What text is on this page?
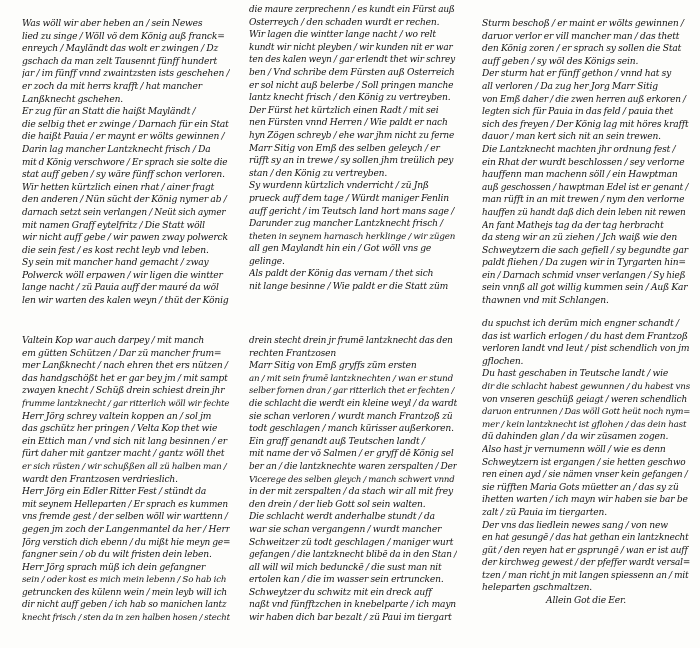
Was wöll wir aber heben an / sein Newes
lied zu singe / Wöll vö dem König auß franck=
enreych / Mayländt das wolt er zwingen / Dz
gschach da man zelt Tausennt fünff hundert
jar / im fünff vnnd zwaintzsten ists geschehen /
er zoch da mit herrs krafft / hat mancher
Lanßknecht gschehen.
Er zug für an Statt die haißt Mayländt /
die selbig thet er zwinge / Darnach für ein Stat
die haißt Pauia / er maynt er wölts gewinnen /
Darin lag mancher Lantzknecht frisch / Da
mit d König verschwore / Er sprach sie solte die
stat auff geben / sy wäre fünff schon verloren.
Wir hetten kürtzlich einen rhat / ainer fragt
den anderen / Nün sücht der König nymer ab /
darnach setzt sein verlangen / Neüt sich aymer
mit namen Graff eytelfritz / Die Statt wöll
wir nicht auff gebe / wir pawen zway polwerck
die sein fest / es kost recht leyb vnd leben.
Sy sein mit mancher hand gemacht / zway
Polwerck wöll erpawen / wir ligen die wintter
lange nacht / zü Pauia auff der mauré da wöl
len wir warten des kalen weyn / thüt der König
die maure zerprechenn / es kundt ein Fürst auß
Osterreych / den schaden wurdt er rechen.
Wir lagen die wintter lange nacht / wo relt
kundt wir nicht pleyben / wir kunden nit er war
ten des kalen weyn / gar erlendt thet wir schrey
ben / Vnd schribe dem Fürsten auß Osterreich
er sol nicht auß belerbe / Soll pringen manche
lantz knecht frisch / den König zu vertreyben.
Der Fürst het kürtzlich einen Radt / mit sei
nen Fürsten vnnd Herren / Wie paldt er nach
hyn Zögen schreyb / ehe war jhm nicht zu ferne
Marr Sitig von Emß des selben geleych / er
rüfft sy an in trewe / sy sollen jhm treülich pey
stan / den König zu vertreyben.
Sy wurdenn kürtzlich vnderricht / zü Jnß
prueck auff dem tage / Würdt maniger Fenlin
auff gericht / im Teutsch land hort mans sage /
Darunder zug mancher Lantzknecht frisch /
theten in seynem harnasch herklinge / wir zügen
all gen Maylandt hin ein / Got wöll vns ge
gelinge.
Als paldt der König das vernam / thet sich
nit lange besinne / Wie paldt er die Statt züm
Sturm beschoß / er maint er wölts gewinnen /
daruor verlor er vill mancher man / das thett
den König zoren / er sprach sy sollen die Stat
auff geben / sy wöl des Königs sein.
Der sturm hat er fünff gethon / vnnd hat sy
all verloren / Da zug her Jorg Marr Sitig
von Emß daher / die zwen herren auß erkoren /
legten sich für Pauia in das feld / pauia thet
sich des freyen / Der König lag mit höres krafft
dauor / man kert sich nit an sein trewen.
Die Lantzknecht machten jhr ordnung fest /
ein Rhat der wurdt beschlossen / sey verlorne
hauffenn man machenn söll / ein Hawptman
auß geschossen / hawptman Edel ist er genant /
man rüfft in an mit trewen / nym den verlorne
hauffen zü handt daß dich dein leben nit rewen
An fant Mathejs tag da der tag herbracht
da steng wir an zü ziehen / Jch waiß wie den
Schweytzern die sach gefiell / sy begundte gar
paldt fliehen / Da zugen wir in Tyrgarten hin=
ein / Darnach schmid vnser verlangen / Sy hieß
sein vnnß all got willig kummen sein / Auß Kar
thawnen vnd mit Schlangen.
Valtein Kop war auch darpey / mit manch
em gütten Schützen / Dar zü mancher frum=
mer Lanßknecht / nach ehren thet ers nützen /
das handgschößt het er gar bey jm / mit sampt
zwayen knecht / Schüß drein schiest drein jhr
frumme lantzknecht / gar ritterlich wöll wir fechte
Herr Jörg schrey valtein koppen an / sol jm
das gschütz her pringen / Velta Kop thet wie
ein Ettich man / vnd sich nit lang besinnen / er
fürt daher mit gantzer macht / gantz wöll thet
er sich rüsten / wir schußßen all zü halben man /
wardt den Frantzosen verdrieslich.
Herr Jörg ein Edler Ritter Fest / stündt da
mit seynem Helleparten / Er sprach es kummen
vns fremde gest / der selben wöll wir warttenn /
gegen jm zoch der Langenmantel da her / Herr
Jörg verstich dich ebenn / du mißt hie meyn ge=
fangner sein / ob du wilt fristen dein leben.
Herr Jörg sprach müß ich dein gefangner
sein / oder kost es mich mein lebenn / So hab ich
getruncken des külenn wein / mein leyb will ich
dir nicht auff geben / ich hab so manichen lantz
knecht frisch / sten da in zen halben hosen / stecht
drein stecht drein jr frumē lantzknecht das den
rechten Frantzosen
Marr Sitig von Emß gryffs züm ersten
an / mit sein frumē lantzknechten / wan er stund
selber fornen dran / gar ritterlich thet er fechten /
die schlacht die werdt ein kleine weyl / da wardt
sie schan verloren / wurdt manch Frantzoß zü
todt geschlagen / manch kürisser außerkoren.
Ein graff genandt auß Teutschen landt /
mit name der vö Salmen / er gryff dē König sel
ber an / die lantzknechte waren zerspalten / Der
Vicerege des selben gleych / manch schwert vnnd
in der mit zerspalten / da stach wir all mit frey
den drein / der lieb Gott sol sein walten.
Die schlacht werdt anderhalbe stundt / da
war sie schan vergangenn / wurdt mancher
Schweitzer zü todt geschlagen / maniger wurt
gefangen / die lantzknecht blibē da in den Stan /
all will wil mich bedunckē / die sust man nit
ertolen kan / die im wasser sein ertruncken.
Schweytzer du schwitz mit ein dreck auff
naßt vnd fünfftzchen in knebelparte / ich mayn
wir haben dich bar bezalt / zü Paui im tiergart
du spuchst ich derüm mich engner schandt /
das ist warlich erlogen / du hast dem Frantzoß
verloren landt vnd leut / pist schendlich von jm
gflochen.
Du hast geschaben in Teutsche landt / wie
dir die schlacht habest gewunnen / du habest vns
von vnseren geschüß geiagt / weren schendlich
daruon entrunnen / Das wöll Gott heüt noch nym=
mer / kein lantzknecht ist gflohen / das dein hast
dü dahinden glan / da wir züsamen zogen.
Also hast jr vernumenn wöll / wie es denn
Schweytzern ist ergangen / sie hetten geschwo
ren einen ayd / sie nämen vnser kein gefangen /
sie rüfften Maria Gots müetter an / das sy zü
ihetten warten / ich mayn wir haben sie bar be
zalt / zü Pauia im tiergarten.
Der vns das liedlein newes sang / von new
en hat gesungē / das hat gethan ein lantzknecht
güt / den reyen hat er gsprungē / wan er ist auff
der kirchweg gewest / der pfeffer wardt versal=
tzen / man richt jn mit langen spiessenn an / mit
heleparten gschmaltzen.
Allein Got die Eer.
